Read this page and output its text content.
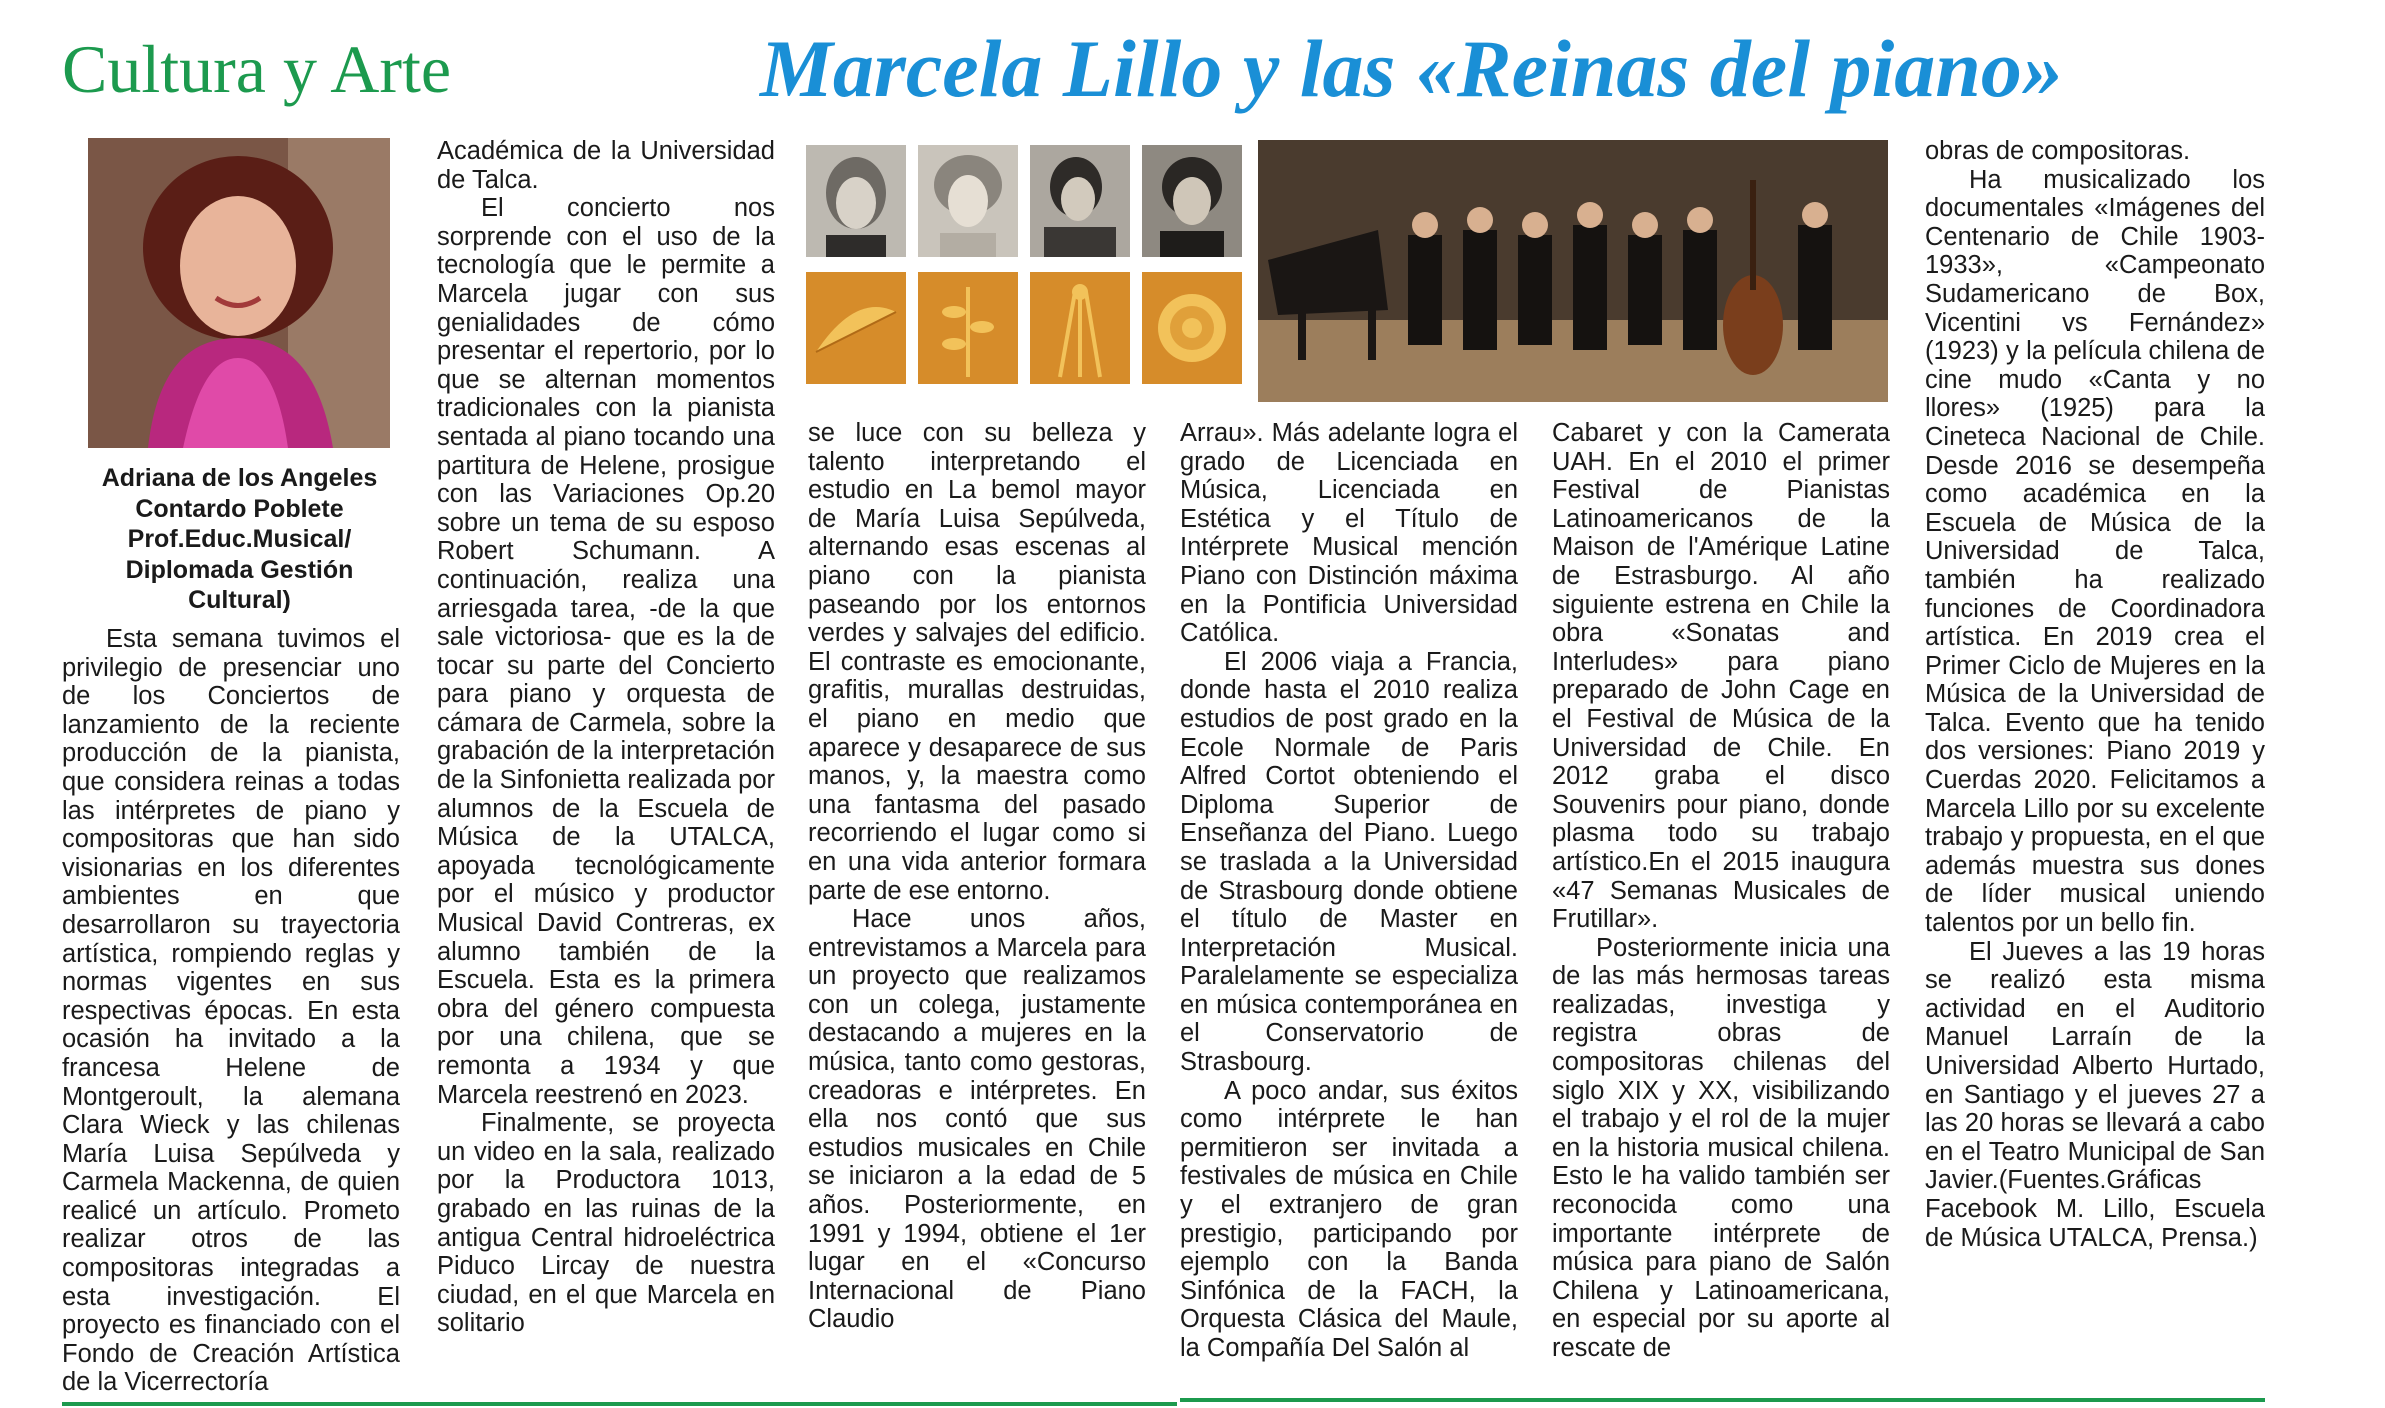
Cultura y Arte	Marcela Lillo y las «Reinas del piano»
Adriana de los Angeles
Contardo Poblete
Prof.Educ.Musical/
Diplomada Gestión
Cultural)

Esta semana tuvimos el privilegio de presenciar uno de los Conciertos de lanzamiento de la reciente producción de la pianista, que considera reinas a todas las intérpretes de piano y compositoras que han sido visionarias en los diferentes ambientes en que desarrollaron su trayectoria artística, rompiendo reglas y normas vigentes en sus respectivas épocas. En esta ocasión ha invitado a la francesa Helene de Montgeroult, la alemana Clara Wieck y las chilenas María Luisa Sepúlveda y Carmela Mackenna, de quien realicé un artículo. Prometo realizar otros de las compositoras integradas a esta investigación. El proyecto es financiado con el Fondo de Creación Artística de la Vicerrectoría

Académica de la Universidad de Talca.

El concierto nos sorprende con el uso de la tecnología que le permite a Marcela jugar con sus genialidades de cómo presentar el repertorio, por lo que se alternan momentos tradicionales con la pianista sentada al piano tocando una partitura de Helene, prosigue con las Variaciones Op.20 sobre un tema de su esposo Robert Schumann. A continuación, realiza una arriesgada tarea, -de la que sale victoriosa- que es la de tocar su parte del Concierto para piano y orquesta de cámara de Carmela, sobre la grabación de la interpretación de la Sinfonietta realizada por alumnos de la Escuela de Música de la UTALCA, apoyada tecnológicamente por el músico y productor Musical David Contreras, ex alumno también de la Escuela. Esta es la primera obra del género compuesta por una chilena, que se remonta a 1934 y que Marcela reestrenó en 2023.

Finalmente, se proyecta un video en la sala, realizado por la Productora 1013, grabado en las ruinas de la antigua Central hidroeléctrica Piduco Lircay de nuestra ciudad, en el que Marcela en solitario

se luce con su belleza y talento interpretando el estudio en La bemol mayor de María Luisa Sepúlveda, alternando esas escenas al piano con la pianista paseando por los entornos verdes y salvajes del edificio. El contraste es emocionante, grafitis, murallas destruidas, el piano en medio que aparece y desaparece de sus manos, y, la maestra como una fantasma del pasado recorriendo el lugar como si en una vida anterior formara parte de ese entorno.

Hace unos años, entrevistamos a Marcela para un proyecto que realizamos con un colega, justamente destacando a mujeres en la música, tanto como gestoras, creadoras e intérpretes. En ella nos contó que sus estudios musicales en Chile se iniciaron a la edad de 5 años. Posteriormente, en 1991 y 1994, obtiene el 1er lugar en el «Concurso Internacional de Piano Claudio

Arrau». Más adelante logra el grado de Licenciada en Música, Licenciada en Estética y el Título de Intérprete Musical mención Piano con Distinción máxima en la Pontificia Universidad Católica.

El 2006 viaja a Francia, donde hasta el 2010 realiza estudios de post grado en la Ecole Normale de Paris Alfred Cortot obteniendo el Diploma Superior de Enseñanza del Piano. Luego se traslada a la Universidad de Strasbourg donde obtiene el título de Master en Interpretación Musical. Paralelamente se especializa en música contemporánea en el Conservatorio de Strasbourg.

A poco andar, sus éxitos como intérprete le han permitieron ser invitada a festivales de música en Chile y el extranjero de gran prestigio, participando por ejemplo con la Banda Sinfónica de la FACH, la Orquesta Clásica del Maule, la Compañía Del Salón al

Cabaret y con la Camerata UAH. En el 2010 el primer Festival de Pianistas Latinoamericanos de la Maison de l'Amérique Latine de Estrasburgo. Al año siguiente estrena en Chile la obra «Sonatas and Interludes» para piano preparado de John Cage en el Festival de Música de la Universidad de Chile. En 2012 graba el disco Souvenirs pour piano, donde plasma todo su trabajo artístico.En el 2015 inaugura «47 Semanas Musicales de Frutillar».

Posteriormente inicia una de las más hermosas tareas realizadas, investiga y registra obras de compositoras chilenas del siglo XIX y XX, visibilizando el trabajo y el rol de la mujer en la historia musical chilena. Esto le ha valido también ser reconocida como una importante intérprete de música para piano de Salón Chilena y Latinoamericana, en especial por su aporte al rescate de

obras de compositoras.

Ha musicalizado los documentales «Imágenes del Centenario de Chile 1903-1933», «Campeonato Sudamericano de Box, Vicentini vs Fernández» (1923) y la película chilena de cine mudo «Canta y no llores» (1925) para la Cineteca Nacional de Chile. Desde 2016 se desempeña como académica en la Escuela de Música de la Universidad de Talca, también ha realizado funciones de Coordinadora artística. En 2019 crea el Primer Ciclo de Mujeres en la Música de la Universidad de Talca. Evento que ha tenido dos versiones: Piano 2019 y Cuerdas 2020. Felicitamos a Marcela Lillo por su excelente trabajo y propuesta, en el que además muestra sus dones de líder musical uniendo talentos por un bello fin.

El Jueves a las 19 horas se realizó esta misma actividad en el Auditorio Manuel Larraín de la Universidad Alberto Hurtado, en Santiago y el jueves 27 a las 20 horas se llevará a cabo en el Teatro Municipal de San Javier.(Fuentes.Gráficas Facebook M. Lillo, Escuela de Música UTALCA, Prensa.)
